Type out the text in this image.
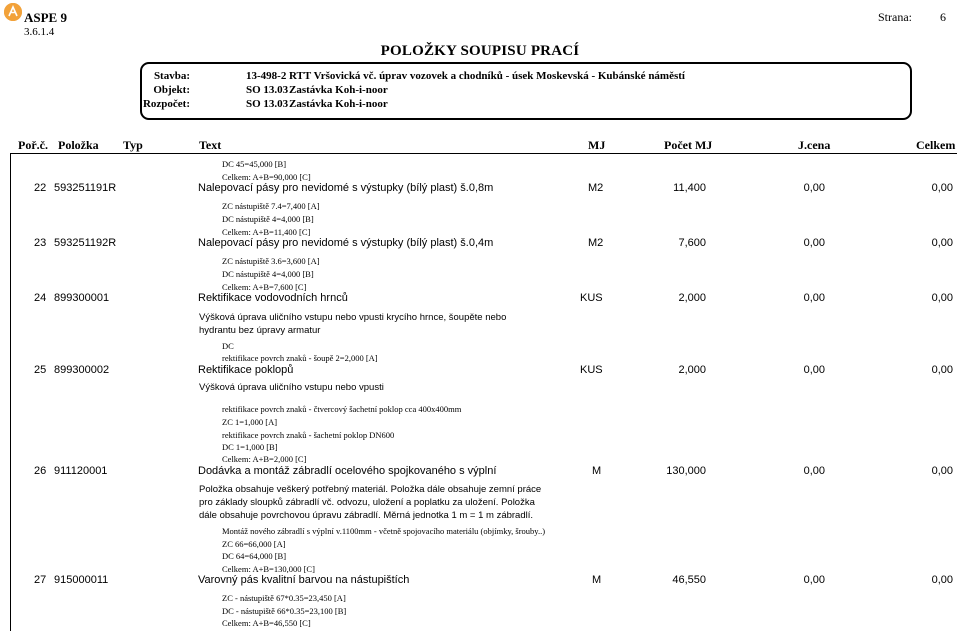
ASPE 9
3.6.1.4
Strana: 6
POLOŽKY SOUPISU PRACÍ
Stavba:	13-498-2 RTT Vršovická vč. úprav vozovek a chodníků - úsek Moskevská - Kubánské náměstí
Objekt:	SO 13.03 Zastávka Koh-i-noor
Rozpočet:	SO 13.03 Zastávka Koh-i-noor
Poř.č. Položka Typ	Text	MJ	Počet MJ	J.cena	Celkem
DC 45=45,000 [B]
Celkem: A+B=90,000 [C]
22 593251191R	Nalepovací pásy pro nevidomé s výstupky (bílý plast) š.0,8m	M2	11,400	0,00	0,00
ZC nástupiště 7.4=7,400 [A]
DC nástupiště 4=4,000 [B]
Celkem: A+B=11,400 [C]
23 593251192R	Nalepovací pásy pro nevidomé s výstupky (bílý plast) š.0,4m	M2	7,600	0,00	0,00
ZC nástupiště 3.6=3,600 [A]
DC nástupiště 4=4,000 [B]
Celkem: A+B=7,600 [C]
24 899300001	Rektifikace vodovodních hrnců	KUS	2,000	0,00	0,00
Výšková úprava uličního vstupu nebo vpusti krycího hrnce, šoupěte nebo
hydrantu bez úpravy armatur
DC
rektifikace povrch znaků - šoupě 2=2,000 [A]
25 899300002	Rektifikace poklopů	KUS	2,000	0,00	0,00
Výšková úprava uličního vstupu nebo vpusti
rektifikace povrch znaků - čtvercový šachetní poklop cca 400x400mm
ZC 1=1,000 [A]
rektifikace povrch znaků - šachetní poklop DN600
DC 1=1,000 [B]
Celkem: A+B=2,000 [C]
26 911120001	Dodávka a montáž zábradlí ocelového spojkovaného s výplní	M	130,000	0,00	0,00
Položka obsahuje veškerý potřebný materiál. Položka dále obsahuje zemní práce
pro základy sloupků zábradlí vč. odvozu, uložení a poplatku za uložení. Položka
dále obsahuje povrchovou úpravu zábradlí. Měrná jednotka 1 m = 1 m zábradlí.
Montáž nového zábradlí s výplní v.1100mm - včetně spojovacího materiálu (objímky, šrouby..)
ZC 66=66,000 [A]
DC 64=64,000 [B]
Celkem: A+B=130,000 [C]
27 915000011	Varovný pás kvalitní barvou na nástupištích	M	46,550	0,00	0,00
ZC - nástupiště 67*0.35=23,450 [A]
DC - nástupiště 66*0.35=23,100 [B]
Celkem: A+B=46,550 [C]
